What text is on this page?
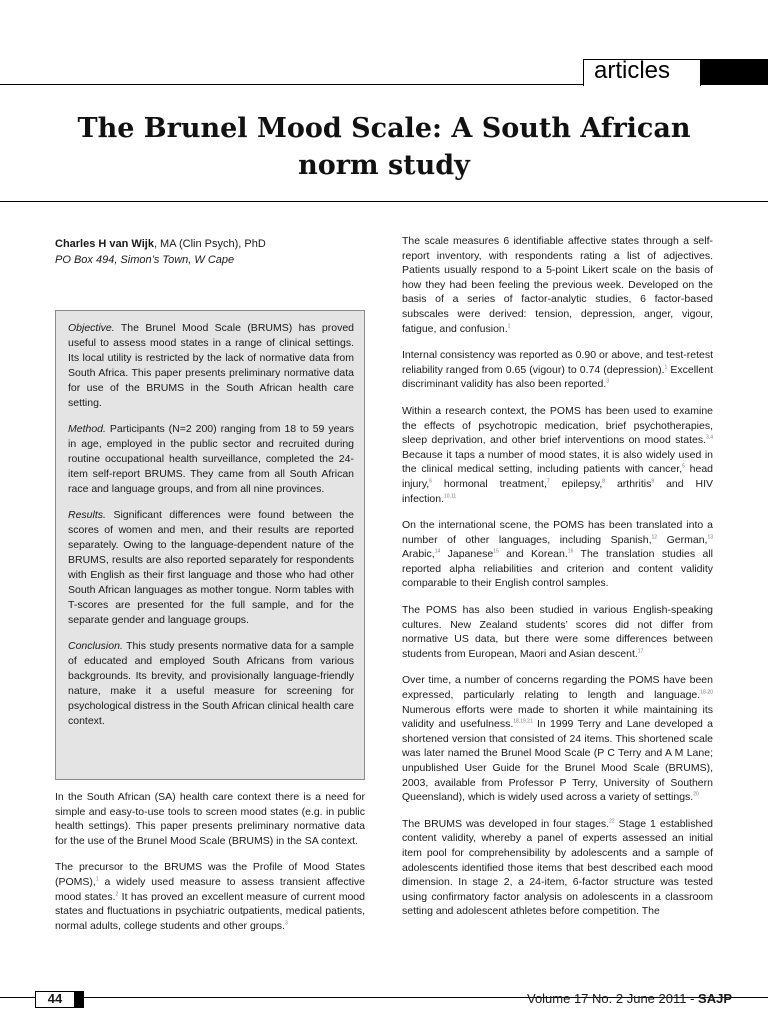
articles
The Brunel Mood Scale: A South African norm study
Charles H van Wijk, MA (Clin Psych), PhD
PO Box 494, Simon’s Town, W Cape

Objective. The Brunel Mood Scale (BRUMS) has proved useful to assess mood states in a range of clinical settings. Its local utility is restricted by the lack of normative data from South Africa. This paper presents preliminary normative data for use of the BRUMS in the South African health care setting.

Method. Participants (N=2 200) ranging from 18 to 59 years in age, employed in the public sector and recruited during routine occupational health surveillance, completed the 24-item self-report BRUMS. They came from all South African race and language groups, and from all nine provinces.

Results. Significant differences were found between the scores of women and men, and their results are reported separately. Owing to the language-dependent nature of the BRUMS, results are also reported separately for respondents with English as their first language and those who had other South African languages as mother tongue. Norm tables with T-scores are presented for the full sample, and for the separate gender and language groups.

Conclusion. This study presents normative data for a sample of educated and employed South Africans from various backgrounds. Its brevity, and provisionally language-friendly nature, make it a useful measure for screening for psychological distress in the South African clinical health care context.

In the South African (SA) health care context there is a need for simple and easy-to-use tools to screen mood states (e.g. in public health settings). This paper presents preliminary normative data for the use of the Brunel Mood Scale (BRUMS) in the SA context.

The precursor to the BRUMS was the Profile of Mood States (POMS),$^1$ a widely used measure to assess transient affective mood states.$^2$ It has proved an excellent measure of current mood states and fluctuations in psychiatric outpatients, medical patients, normal adults, college students and other groups.$^3$

The scale measures 6 identifiable affective states through a self-report inventory, with respondents rating a list of adjectives. Patients usually respond to a 5-point Likert scale on the basis of how they had been feeling the previous week. Developed on the basis of a series of factor-analytic studies, 6 factor-based subscales were derived: tension, depression, anger, vigour, fatigue, and confusion.$^1$

Internal consistency was reported as 0.90 or above, and test-retest reliability ranged from 0.65 (vigour) to 0.74 (depression).$^1$ Excellent discriminant validity has also been reported.$^3$

Within a research context, the POMS has been used to examine the effects of psychotropic medication, brief psychotherapies, sleep deprivation, and other brief interventions on mood states.$^{3,4}$ Because it taps a number of mood states, it is also widely used in the clinical medical setting, including patients with cancer,$^5$ head injury,$^6$ hormonal treatment,$^7$ epilepsy,$^8$ arthritis$^9$ and HIV infection.$^{10,11}$

On the international scene, the POMS has been translated into a number of other languages, including Spanish,$^{12}$ German,$^{13}$ Arabic,$^{14}$ Japanese$^{15}$ and Korean.$^{16}$ The translation studies all reported alpha reliabilities and criterion and content validity comparable to their English control samples.

The POMS has also been studied in various English-speaking cultures. New Zealand students’ scores did not differ from normative US data, but there were some differences between students from European, Maori and Asian descent.$^{17}$

Over time, a number of concerns regarding the POMS have been expressed, particularly relating to length and language.$^{18-20}$ Numerous efforts were made to shorten it while maintaining its validity and usefulness.$^{18,19,21}$ In 1999 Terry and Lane developed a shortened version that consisted of 24 items. This shortened scale was later named the Brunel Mood Scale (P C Terry and A M Lane; unpublished User Guide for the Brunel Mood Scale (BRUMS), 2003, available from Professor P Terry, University of Southern Queensland), which is widely used across a variety of settings.$^{20}$

The BRUMS was developed in four stages.$^{22}$ Stage 1 established content validity, whereby a panel of experts assessed an initial item pool for comprehensibility by adolescents and a sample of adolescents identified those items that best described each mood dimension. In stage 2, a 24-item, 6-factor structure was tested using confirmatory factor analysis on adolescents in a classroom setting and adolescent athletes before competition. The

44	Volume 17 No. 2 June 2011 - SAJP
